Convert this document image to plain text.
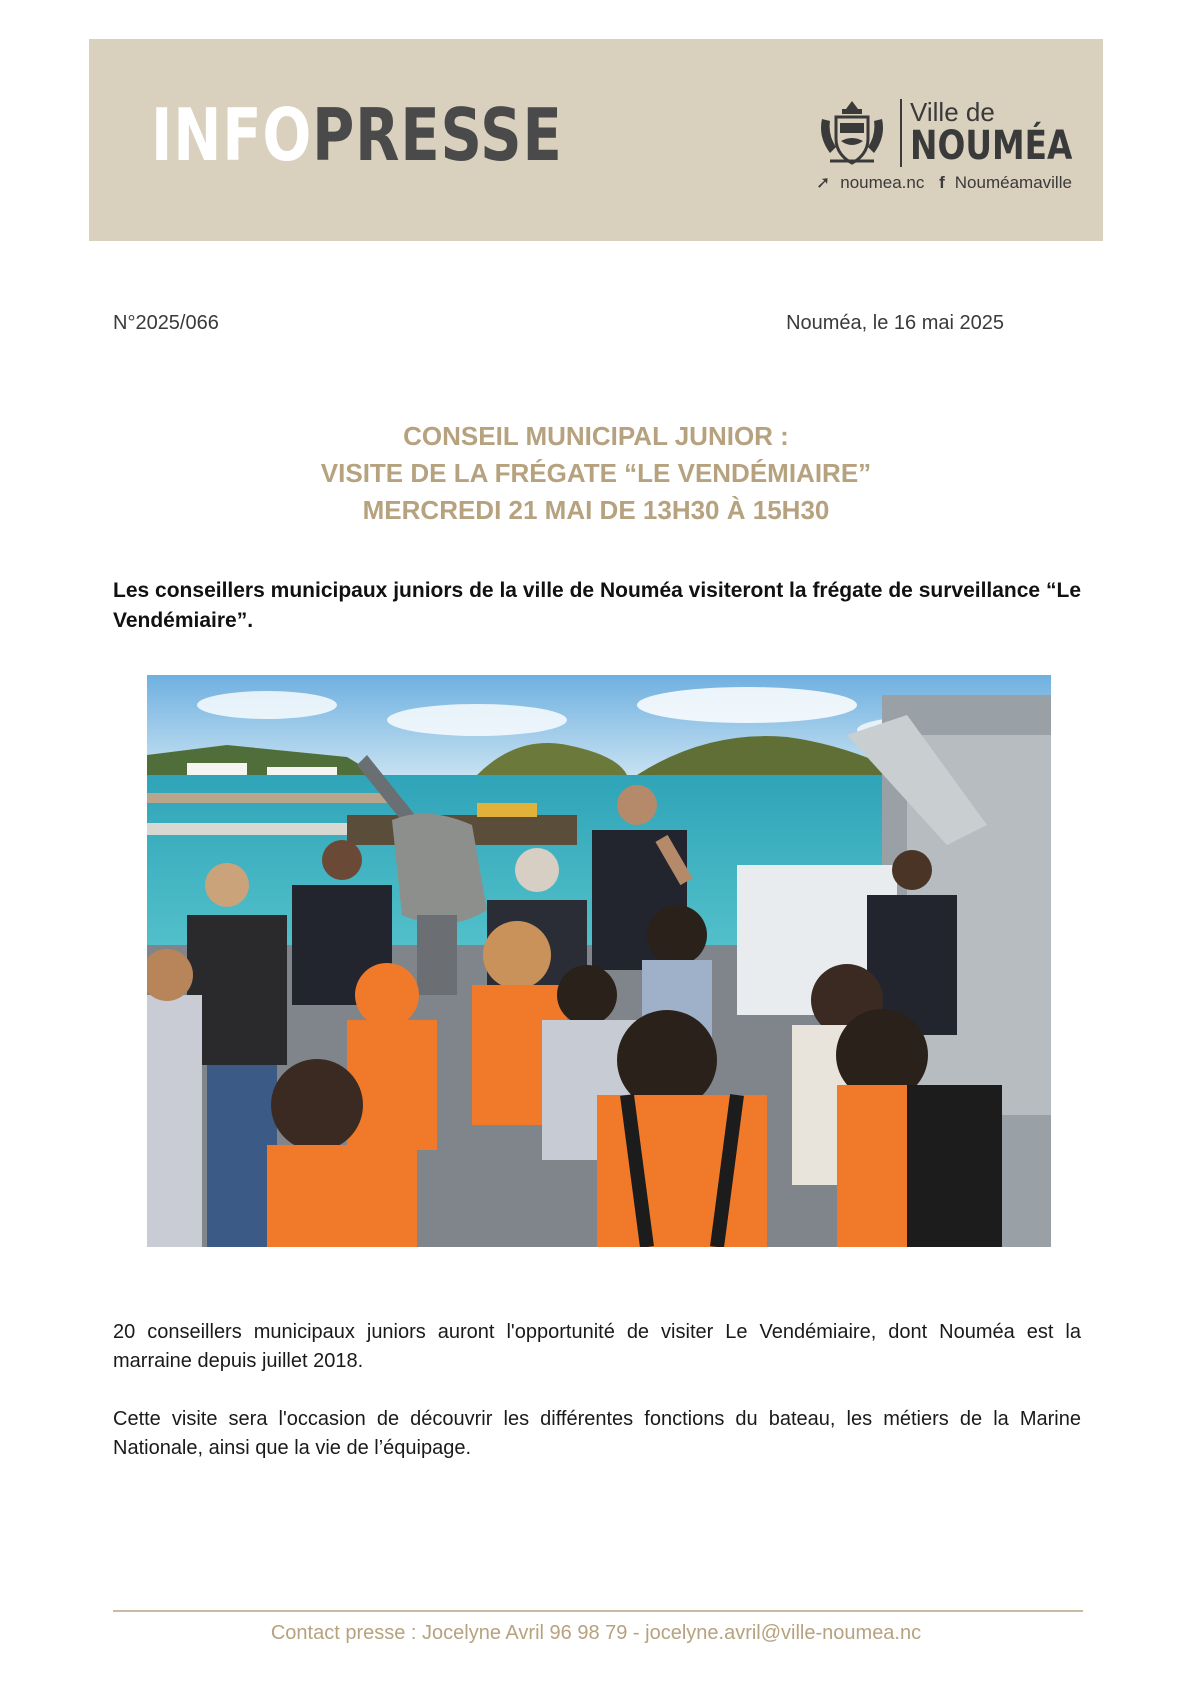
INFOPRESSE	Ville de
NOUMÉA
➚ noumea.nc f Nouméamaville
N°2025/066	Nouméa, le 16 mai 2025
CONSEIL MUNICIPAL JUNIOR :
VISITE DE LA FRÉGATE “LE VENDÉMIAIRE”
MERCREDI 21 MAI DE 13H30 À 15H30
Les conseillers municipaux juniors de la ville de Nouméa visiteront la frégate de surveillance “Le Vendémiaire”.
20 conseillers municipaux juniors auront l'opportunité de visiter Le Vendémiaire, dont Nouméa est la marraine depuis juillet 2018.
Cette visite sera l'occasion de découvrir les différentes fonctions du bateau, les métiers de la Marine Nationale, ainsi que la vie de l’équipage.
Contact presse : Jocelyne Avril 96 98 79 - jocelyne.avril@ville-noumea.nc
